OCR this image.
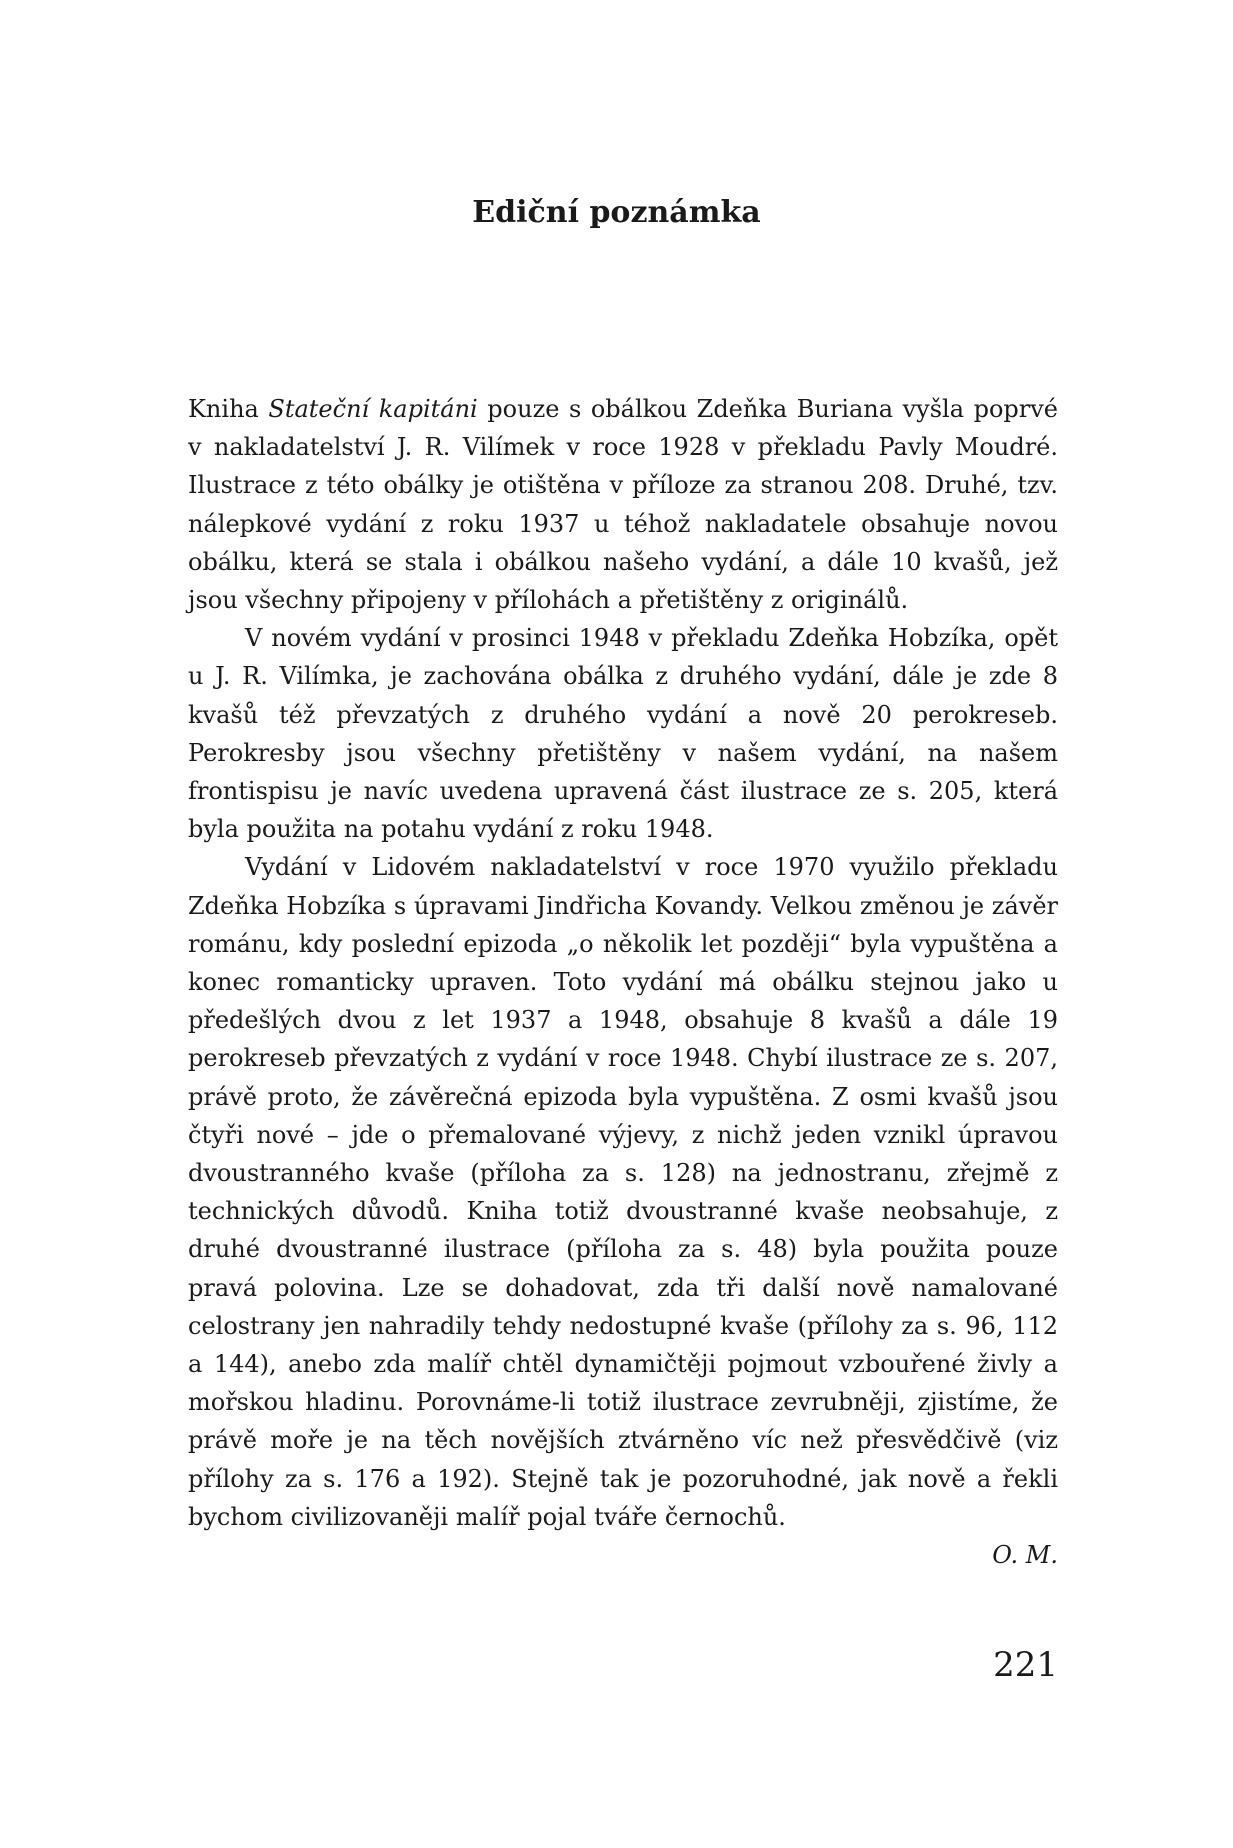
Ediční poznámka

Kniha Stateční kapitáni pouze s obálkou Zdeňka Buriana vyšla poprvé v nakladatelství J. R. Vilímek v roce 1928 v překladu Pavly Moudré. Ilustrace z této obálky je otištěna v příloze za stranou 208. Druhé, tzv. nálepkové vydání z roku 1937 u téhož nakladatele obsahuje novou obálku, která se stala i obálkou našeho vydání, a dále 10 kvašů, jež jsou všechny připojeny v přílohách a přetištěny z originálů.

V novém vydání v prosinci 1948 v překladu Zdeňka Hobzíka, opět u J. R. Vilímka, je zachována obálka z druhého vydání, dále je zde 8 kvašů též převzatých z druhého vydání a nově 20 perokreseb. Perokresby jsou všechny přetištěny v našem vydání, na našem frontispisu je navíc uvedena upravená část ilustrace ze s. 205, která byla použita na potahu vydání z roku 1948.

Vydání v Lidovém nakladatelství v roce 1970 využilo překladu Zdeňka Hobzíka s úpravami Jindřicha Kovandy. Velkou změnou je závěr románu, kdy poslední epizoda „o několik let později“ byla vypuštěna a konec romanticky upraven. Toto vydání má obálku stejnou jako u předešlých dvou z let 1937 a 1948, obsahuje 8 kvašů a dále 19 perokreseb převzatých z vydání v roce 1948. Chybí ilustrace ze s. 207, právě proto, že závěrečná epizoda byla vypuštěna. Z osmi kvašů jsou čtyři nové – jde o přemalované výjevy, z nichž jeden vznikl úpravou dvoustranného kvaše (příloha za s. 128) na jednostranu, zřejmě z technických důvodů. Kniha totiž dvoustranné kvaše neobsahuje, z druhé dvoustranné ilustrace (příloha za s. 48) byla použita pouze pravá polovina. Lze se dohadovat, zda tři další nově namalované celostrany jen nahradily tehdy nedostupné kvaše (přílohy za s. 96, 112 a 144), anebo zda malíř chtěl dynamičtěji pojmout vzbouřené živly a mořskou hladinu. Porovnáme-li totiž ilustrace zevrubněji, zjistíme, že právě moře je na těch novějších ztvárněno víc než přesvědčivě (viz přílohy za s. 176 a 192). Stejně tak je pozoruhodné, jak nově a řekli bychom civilizovaněji malíř pojal tváře černochů.

O. M.

221
